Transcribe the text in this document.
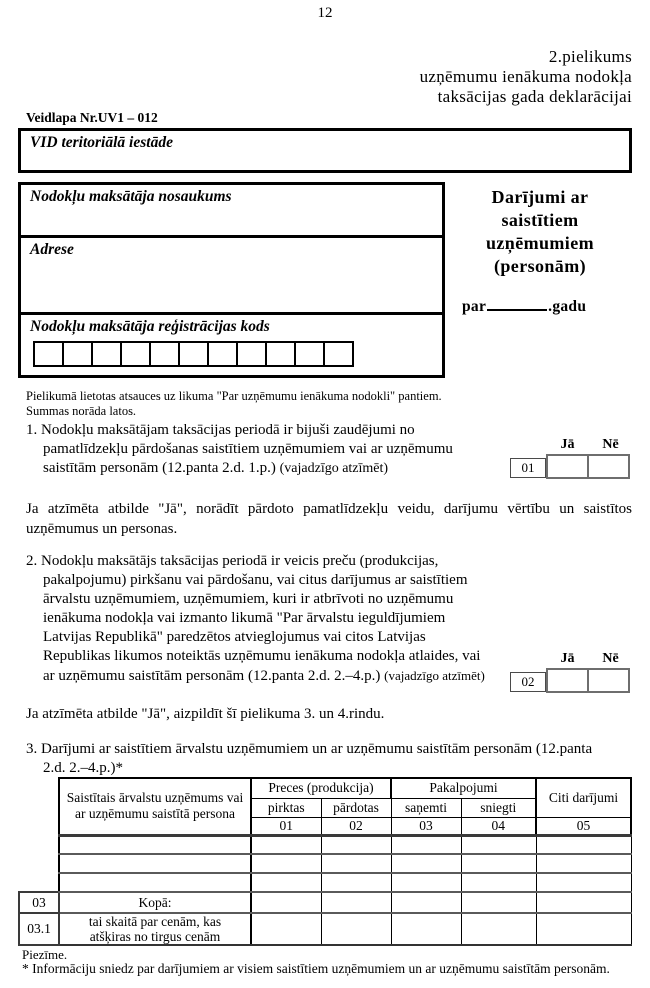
12
2.pielikums
uzņēmumu ienākuma nodokļa
taksācijas gada deklarācijai
Veidlapa Nr.UV1 – 012
VID teritoriālā iestāde
Nodokļu maksātāja nosaukums
Adrese
Nodokļu maksātāja reģistrācijas kods
Darījumi ar
saistītiem
uzņēmumiem
(personām)
par	.gadu
Pielikumā lietotas atsauces uz likuma "Par uzņēmumu ienākuma nodokli" pantiem.
Summas norāda latos.
1. Nodokļu maksātājam taksācijas periodā ir bijuši zaudējumi no
pamatlīdzekļu pārdošanas saistītiem uzņēmumiem vai ar uzņēmumu
saistītām personām (12.panta 2.d. 1.p.) (vajadzīgo atzīmēt)
Jā	Nē
01
Ja atzīmēta atbilde "Jā", norādīt pārdoto pamatlīdzekļu veidu, darījumu vērtību un saistītos
uzņēmumus un personas.
2. Nodokļu maksātājs taksācijas periodā ir veicis preču (produkcijas,
pakalpojumu) pirkšanu vai pārdošanu, vai citus darījumus ar saistītiem
ārvalstu uzņēmumiem, uzņēmumiem, kuri ir atbrīvoti no uzņēmumu
ienākuma nodokļa vai izmanto likumā "Par ārvalstu ieguldījumiem
Latvijas Republikā" paredzētos atvieglojumus vai citos Latvijas
Republikas likumos noteiktās uzņēmumu ienākuma nodokļa atlaides, vai
ar uzņēmumu saistītām personām (12.panta 2.d. 2.–4.p.) (vajadzīgo atzīmēt)
Jā	Nē
02
Ja atzīmēta atbilde "Jā", aizpildīt šī pielikuma 3. un 4.rindu.
3. Darījumi ar saistītiem ārvalstu uzņēmumiem un ar uzņēmumu saistītām personām (12.panta
2.d. 2.–4.p.)*
	Saistītais ārvalstu uzņēmums vai ar uzņēmumu saistītā persona	Preces (produkcija)		Pakalpojumi		Citi darījumi
		pirktas	pārdotas	saņemti	sniegti	
		01	02	03	04	05

03	Kopā:					
03.1	tai skaitā par cenām, kas
atšķiras no tirgus cenām					

Piezīme.
* Informāciju sniedz par darījumiem ar visiem saistītiem uzņēmumiem un ar uzņēmumu saistītām personām.
